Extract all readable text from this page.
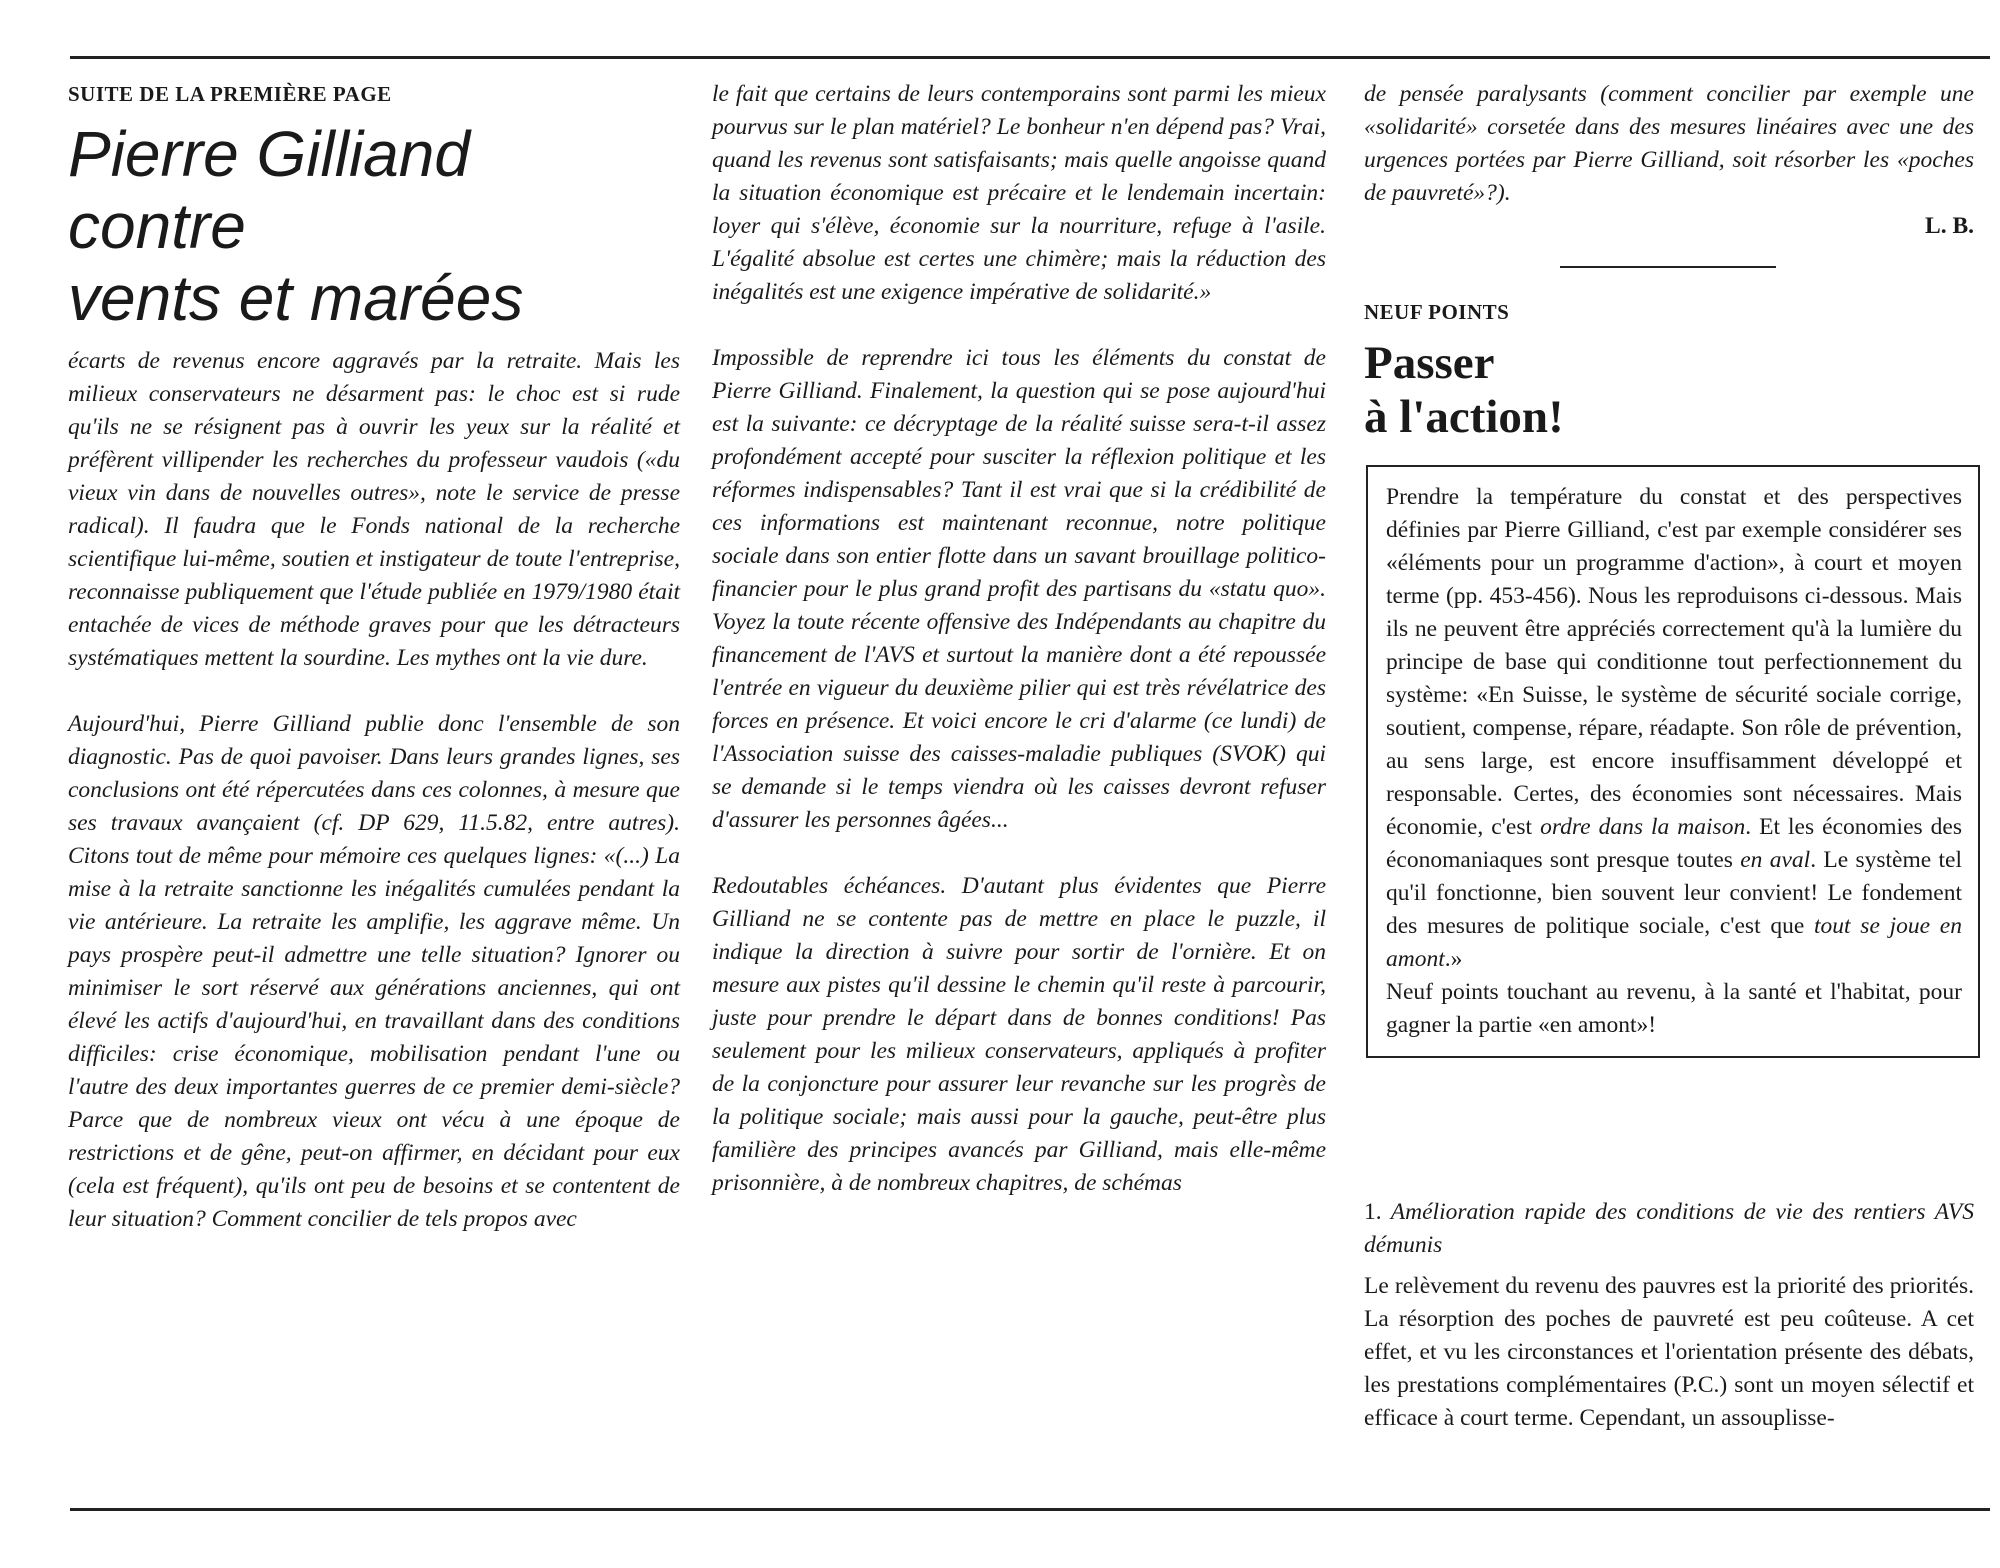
SUITE DE LA PREMIÈRE PAGE
Pierre Gilliand
contre
vents et marées

écarts de revenus encore aggravés par la retraite. Mais les milieux conservateurs ne désarment pas: le choc est si rude qu'ils ne se résignent pas à ouvrir les yeux sur la réalité et préfèrent villipender les recherches du professeur vaudois («du vieux vin dans de nouvelles outres», note le service de presse radical). Il faudra que le Fonds national de la recherche scientifique lui-même, soutien et instigateur de toute l'entreprise, reconnaisse publiquement que l'étude publiée en 1979/1980 était entachée de vices de méthode graves pour que les détracteurs systématiques mettent la sourdine. Les mythes ont la vie dure.

Aujourd'hui, Pierre Gilliand publie donc l'ensemble de son diagnostic. Pas de quoi pavoiser. Dans leurs grandes lignes, ses conclusions ont été répercutées dans ces colonnes, à mesure que ses travaux avançaient (cf. DP 629, 11.5.82, entre autres). Citons tout de même pour mémoire ces quelques lignes: «(...) La mise à la retraite sanctionne les inégalités cumulées pendant la vie antérieure. La retraite les amplifie, les aggrave même. Un pays prospère peut-il admettre une telle situation? Ignorer ou minimiser le sort réservé aux générations anciennes, qui ont élevé les actifs d'aujourd'hui, en travaillant dans des conditions difficiles: crise économique, mobilisation pendant l'une ou l'autre des deux importantes guerres de ce premier demi-siècle? Parce que de nombreux vieux ont vécu à une époque de restrictions et de gêne, peut-on affirmer, en décidant pour eux (cela est fréquent), qu'ils ont peu de besoins et se contentent de leur situation? Comment concilier de tels propos avec

le fait que certains de leurs contemporains sont parmi les mieux pourvus sur le plan matériel? Le bonheur n'en dépend pas? Vrai, quand les revenus sont satisfaisants; mais quelle angoisse quand la situation économique est précaire et le lendemain incertain: loyer qui s'élève, économie sur la nourriture, refuge à l'asile. L'égalité absolue est certes une chimère; mais la réduction des inégalités est une exigence impérative de solidarité.»

Impossible de reprendre ici tous les éléments du constat de Pierre Gilliand. Finalement, la question qui se pose aujourd'hui est la suivante: ce décryptage de la réalité suisse sera-t-il assez profondément accepté pour susciter la réflexion politique et les réformes indispensables? Tant il est vrai que si la crédibilité de ces informations est maintenant reconnue, notre politique sociale dans son entier flotte dans un savant brouillage politico-financier pour le plus grand profit des partisans du «statu quo». Voyez la toute récente offensive des Indépendants au chapitre du financement de l'AVS et surtout la manière dont a été repoussée l'entrée en vigueur du deuxième pilier qui est très révélatrice des forces en présence. Et voici encore le cri d'alarme (ce lundi) de l'Association suisse des caisses-maladie publiques (SVOK) qui se demande si le temps viendra où les caisses devront refuser d'assurer les personnes âgées...

Redoutables échéances. D'autant plus évidentes que Pierre Gilliand ne se contente pas de mettre en place le puzzle, il indique la direction à suivre pour sortir de l'ornière. Et on mesure aux pistes qu'il dessine le chemin qu'il reste à parcourir, juste pour prendre le départ dans de bonnes conditions! Pas seulement pour les milieux conservateurs, appliqués à profiter de la conjoncture pour assurer leur revanche sur les progrès de la politique sociale; mais aussi pour la gauche, peut-être plus familière des principes avancés par Gilliand, mais elle-même prisonnière, à de nombreux chapitres, de schémas

de pensée paralysants (comment concilier par exemple une «solidarité» corsetée dans des mesures linéaires avec une des urgences portées par Pierre Gilliand, soit résorber les «poches de pauvreté»?).

L. B.

NEUF POINTS
Passer
à l'action!

Prendre la température du constat et des perspectives définies par Pierre Gilliand, c'est par exemple considérer ses «éléments pour un programme d'action», à court et moyen terme (pp. 453-456). Nous les reproduisons ci-dessous. Mais ils ne peuvent être appréciés correctement qu'à la lumière du principe de base qui conditionne tout perfectionnement du système: «En Suisse, le système de sécurité sociale corrige, soutient, compense, répare, réadapte. Son rôle de prévention, au sens large, est encore insuffisamment développé et responsable. Certes, des économies sont nécessaires. Mais économie, c'est ordre dans la maison. Et les économies des économaniaques sont presque toutes en aval. Le système tel qu'il fonctionne, bien souvent leur convient! Le fondement des mesures de politique sociale, c'est que tout se joue en amont.»

Neuf points touchant au revenu, à la santé et l'habitat, pour gagner la partie «en amont»!

1. Amélioration rapide des conditions de vie des rentiers AVS démunis

Le relèvement du revenu des pauvres est la priorité des priorités. La résorption des poches de pauvreté est peu coûteuse. A cet effet, et vu les circonstances et l'orientation présente des débats, les prestations complémentaires (P.C.) sont un moyen sélectif et efficace à court terme. Cependant, un assouplisse-
